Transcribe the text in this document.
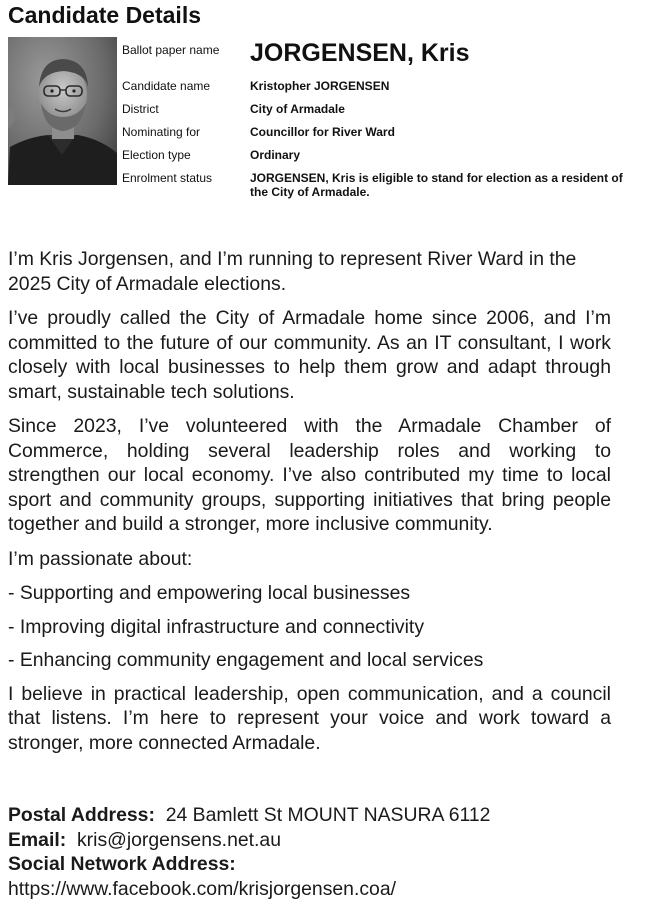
Candidate Details
Ballot paper name	JORGENSEN, Kris
Candidate name	Kristopher JORGENSEN
District	City of Armadale
Nominating for	Councillor for River Ward
Election type	Ordinary
Enrolment status	JORGENSEN, Kris is eligible to stand for election as a resident of the City of Armadale.

I’m Kris Jorgensen, and I’m running to represent River Ward in the 2025 City of Armadale elections.

I’ve proudly called the City of Armadale home since 2006, and I’m committed to the future of our community. As an IT consultant, I work closely with local businesses to help them grow and adapt through smart, sustainable tech solutions.

Since 2023, I’ve volunteered with the Armadale Chamber of Commerce, holding several leadership roles and working to strengthen our local economy. I’ve also contributed my time to local sport and community groups, supporting initiatives that bring people together and build a stronger, more inclusive community.

I’m passionate about:

- Supporting and empowering local businesses

- Improving digital infrastructure and connectivity

- Enhancing community engagement and local services

I believe in practical leadership, open communication, and a council that listens. I’m here to represent your voice and work toward a stronger, more connected Armadale.

Postal Address: 24 Bamlett St MOUNT NASURA 6112
Email: kris@jorgensens.net.au
Social Network Address:
https://www.facebook.com/krisjorgensen.coa/
